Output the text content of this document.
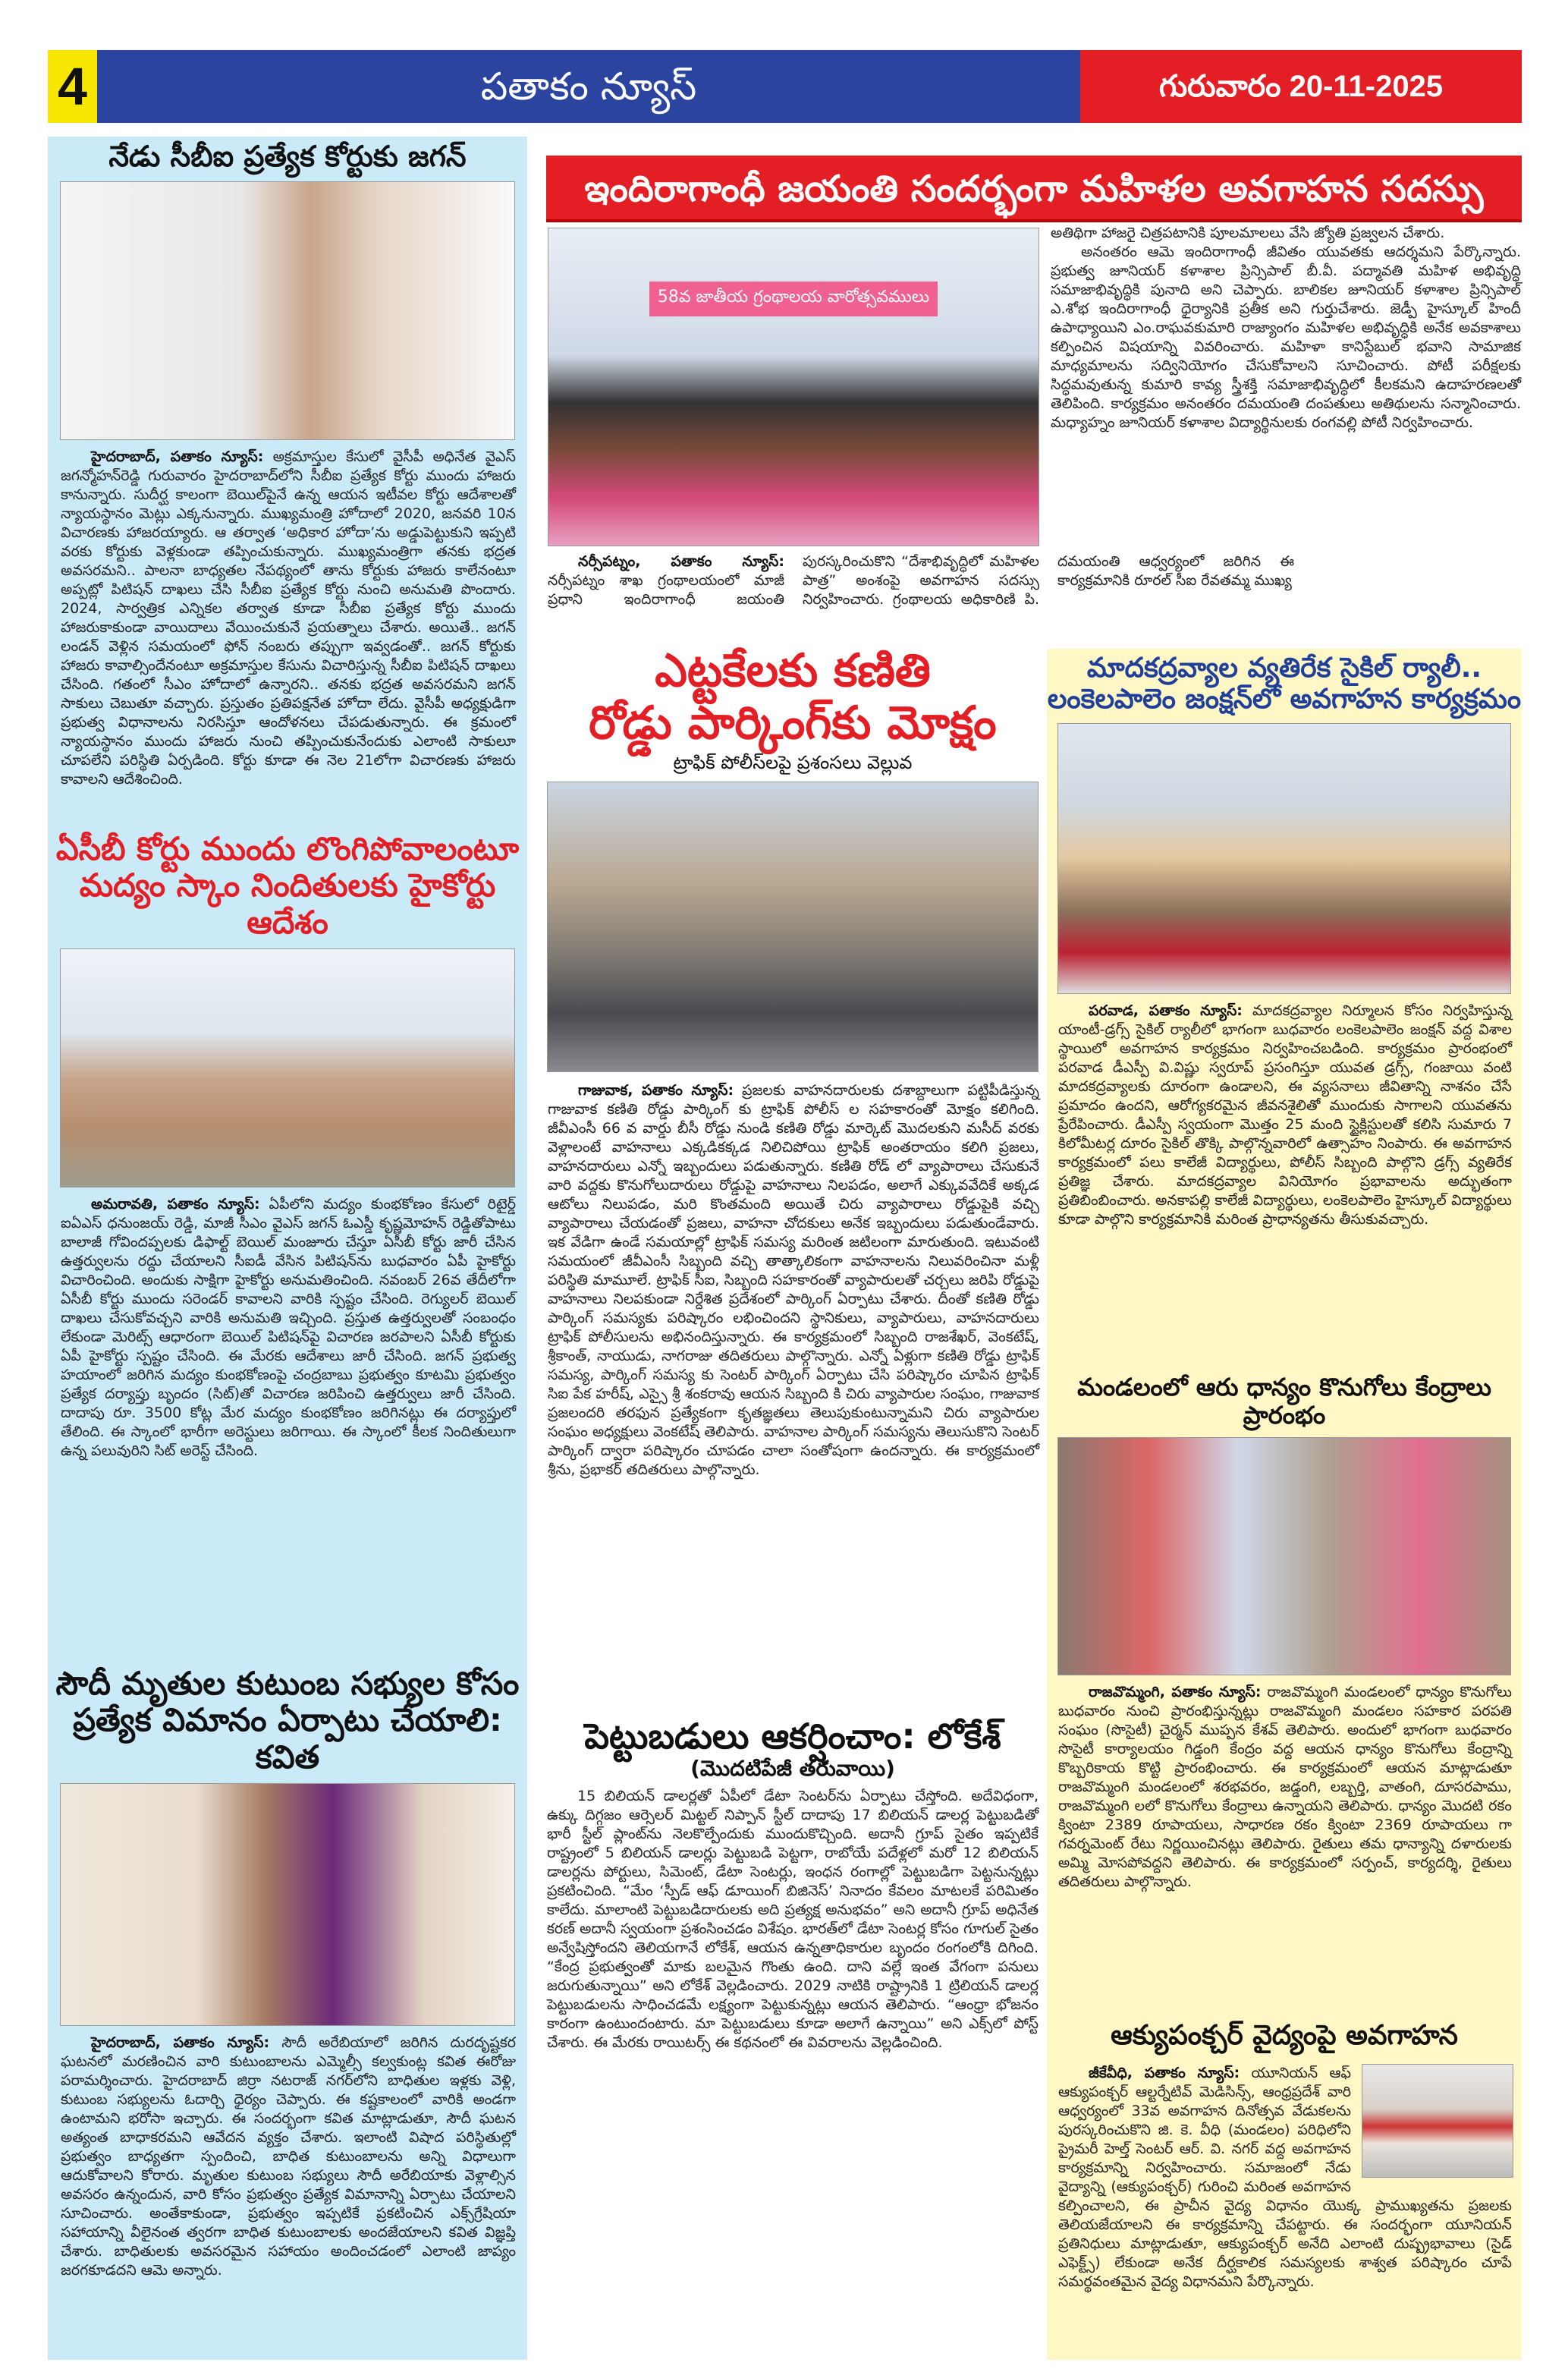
4	పతాకం న్యూస్	గురువారం 20-11-2025
నేడు సీబీఐ ప్రత్యేక కోర్టుకు జగన్

హైదరాబాద్, పతాకం న్యూస్: అక్రమాస్తుల కేసులో వైసీపీ అధినేత వైఎస్ జగన్మోహన్‌రెడ్డి గురువారం హైదరాబాద్‌లోని సీబీఐ ప్రత్యేక కోర్టు ముందు హాజరు కానున్నారు. సుదీర్ఘ కాలంగా బెయిల్‌పైనే ఉన్న ఆయన ఇటీవల కోర్టు ఆదేశాలతో న్యాయస్థానం మెట్లు ఎక్కనున్నారు. ముఖ్యమంత్రి హోదాలో 2020, జనవరి 10న విచారణకు హాజరయ్యారు. ఆ తర్వాత ‘అధికార హోదా’ను అడ్డుపెట్టుకుని ఇప్పటి వరకు కోర్టుకు వెళ్లకుండా తప్పించుకున్నారు. ముఖ్యమంత్రిగా తనకు భద్రత అవసరమని.. పాలనా బాధ్యతల నేపథ్యంలో తాను కోర్టుకు హాజరు కాలేనంటూ అప్పట్లో పిటిషన్ దాఖలు చేసి సీబీఐ ప్రత్యేక కోర్టు నుంచి అనుమతి పొందారు. 2024, సార్వత్రిక ఎన్నికల తర్వాత కూడా సీబీఐ ప్రత్యేక కోర్టు ముందు హాజరుకాకుండా వాయిదాలు వేయించుకునే ప్రయత్నాలు చేశారు. అయితే.. జగన్ లండన్ వెళ్లిన సమయంలో ఫోన్ నంబరు తప్పుగా ఇవ్వడంతో.. జగన్ కోర్టుకు హాజరు కావాల్సిందేనంటూ అక్రమాస్తుల కేసును విచారిస్తున్న సీబీఐ పిటిషన్ దాఖలు చేసింది. గతంలో సీఎం హోదాలో ఉన్నారని.. తనకు భద్రత అవసరమని జగన్ సాకులు చెబుతూ వచ్చారు. ప్రస్తుతం ప్రతిపక్షనేత హోదా లేదు. వైసీపీ అధ్యక్షుడిగా ప్రభుత్వ విధానాలను నిరసిస్తూ ఆందోళనలు చేపడుతున్నారు. ఈ క్రమంలో న్యాయస్థానం ముందు హాజరు నుంచి తప్పించుకునేందుకు ఎలాంటి సాకులూ చూపలేని పరిస్థితి ఏర్పడింది. కోర్టు కూడా ఈ నెల 21లోగా విచారణకు హాజరు కావాలని ఆదేశించింది.

ఏసీబీ కోర్టు ముందు లొంగిపోవాలంటూ మద్యం స్కాం నిందితులకు హైకోర్టు ఆదేశం

అమరావతి, పతాకం న్యూస్: ఏపీలోని మద్యం కుంభకోణం కేసులో రిటైర్డ్ ఐఏఎస్ ధనుంజయ్ రెడ్డి, మాజీ సీఎం వైఎస్ జగన్ ఓఎస్డీ కృష్ణమోహన్ రెడ్డితోపాటు బాలాజీ గోవిందప్పలకు డిఫాల్ట్ బెయిల్ మంజూరు చేస్తూ ఏసీబీ కోర్టు జారీ చేసిన ఉత్తర్వులను రద్దు చేయాలని సీఐడీ వేసిన పిటిషన్‌ను బుధవారం ఏపీ హైకోర్టు విచారించింది. అందుకు సాక్షిగా హైకోర్టు అనుమతించింది. నవంబర్ 26వ తేదీలోగా ఏసీబీ కోర్టు ముందు సరెండర్ కావాలని వారికి స్పష్టం చేసింది. రెగ్యులర్ బెయిల్ దాఖలు చేసుకోవచ్చని వారికి అనుమతి ఇచ్చింది. ప్రస్తుత ఉత్తర్వులతో సంబంధం లేకుండా మెరిట్స్ ఆధారంగా బెయిల్ పిటిషన్‌పై విచారణ జరపాలని ఏసీబీ కోర్టుకు ఏపీ హైకోర్టు స్పష్టం చేసింది. ఈ మేరకు ఆదేశాలు జారీ చేసింది. జగన్ ప్రభుత్వ హయాంలో జరిగిన మద్యం కుంభకోణంపై చంద్రబాబు ప్రభుత్వం కూటమి ప్రభుత్వం ప్రత్యేక దర్యాప్తు బృందం (సిట్)తో విచారణ జరిపించి ఉత్తర్వులు జారీ చేసింది. దాదాపు రూ. 3500 కోట్ల మేర మద్యం కుంభకోణం జరిగినట్లు ఈ దర్యాప్తులో తేలింది. ఈ స్కాంలో భారీగా అరెస్టులు జరిగాయి. ఈ స్కాంలో కీలక నిందితులుగా ఉన్న పలువురిని సిట్ అరెస్ట్ చేసింది.

సౌదీ మృతుల కుటుంబ సభ్యుల కోసం ప్రత్యేక విమానం ఏర్పాటు చేయాలి: కవిత

హైదరాబాద్, పతాకం న్యూస్: సౌదీ అరేబియాలో జరిగిన దురదృష్టకర ఘటనలో మరణించిన వారి కుటుంబాలను ఎమ్మెల్సీ కల్వకుంట్ల కవిత ఈరోజు పరామర్శించారు. హైదరాబాద్ జిర్రా నటరాజ్ నగర్‌లోని బాధితుల ఇళ్లకు వెళ్లి, కుటుంబ సభ్యులను ఓదార్చి ధైర్యం చెప్పారు. ఈ కష్టకాలంలో వారికి అండగా ఉంటామని భరోసా ఇచ్చారు. ఈ సందర్భంగా కవిత మాట్లాడుతూ, సౌదీ ఘటన అత్యంత బాధాకరమని ఆవేదన వ్యక్తం చేశారు. ఇలాంటి విషాద పరిస్థితుల్లో ప్రభుత్వం బాధ్యతగా స్పందించి, బాధిత కుటుంబాలను అన్ని విధాలుగా ఆదుకోవాలని కోరారు. మృతుల కుటుంబ సభ్యులు సౌదీ అరేబియాకు వెళ్లాల్సిన అవసరం ఉన్నందున, వారి కోసం ప్రభుత్వం ప్రత్యేక విమానాన్ని ఏర్పాటు చేయాలని సూచించారు. అంతేకాకుండా, ప్రభుత్వం ఇప్పటికే ప్రకటించిన ఎక్స్‌గ్రేషియా సహాయాన్ని వీలైనంత త్వరగా బాధిత కుటుంబాలకు అందజేయాలని కవిత విజ్ఞప్తి చేశారు. బాధితులకు అవసరమైన సహాయం అందించడంలో ఎలాంటి జాప్యం జరగకూడదని ఆమె అన్నారు.

ఇందిరాగాంధీ జయంతి సందర్భంగా మహిళల అవగాహన సదస్సు
58వ జాతీయ గ్రంథాలయ వారోత్సవములు

నర్సీపట్నం, పతాకం న్యూస్: నర్సీపట్నం శాఖ గ్రంథాలయంలో మాజీ ప్రధాని ఇందిరాగాంధీ జయంతి పురస్కరించుకొని “దేశాభివృద్ధిలో మహిళల పాత్ర” అంశంపై అవగాహన సదస్సు నిర్వహించారు. గ్రంథాలయ అధికారిణి పి. దమయంతి ఆధ్వర్యంలో జరిగిన ఈ కార్యక్రమానికి రూరల్ సీఐ రేవతమ్మ ముఖ్య

అతిథిగా హాజరై చిత్రపటానికి పూలమాలలు వేసి జ్యోతి ప్రజ్వలన చేశారు.

అనంతరం ఆమె ఇందిరాగాంధీ జీవితం యువతకు ఆదర్శమని పేర్కొన్నారు. ప్రభుత్వ జూనియర్ కళాశాల ప్రిన్సిపాల్ బీ.వీ. పద్మావతి మహిళ అభివృద్ధి సమాజాభివృద్ధికి పునాది అని చెప్పారు. బాలికల జూనియర్ కళాశాల ప్రిన్సిపాల్ ఎ.శోభ ఇందిరాగాంధీ ధైర్యానికి ప్రతీక అని గుర్తుచేశారు. జెడ్పీ హైస్కూల్ హిందీ ఉపాధ్యాయిని ఎం.రాఘవకుమారి రాజ్యాంగం మహిళల అభివృద్ధికి అనేక అవకాశాలు కల్పించిన విషయాన్ని వివరించారు. మహిళా కానిస్టేబుల్ భవాని సామాజిక మాధ్యమాలను సద్వినియోగం చేసుకోవాలని సూచించారు. పోటీ పరీక్షలకు సిద్ధమవుతున్న కుమారి కావ్య స్త్రీశక్తి సమాజాభివృద్ధిలో కీలకమని ఉదాహరణలతో తెలిపింది. కార్యక్రమం అనంతరం దమయంతి దంపతులు అతిథులను సన్మానించారు. మధ్యాహ్నం జూనియర్ కళాశాల విద్యార్థినులకు రంగవల్లి పోటీ నిర్వహించారు.

ఎట్టకేలకు కణితి
రోడ్డు పార్కింగ్‌కు మోక్షం
ట్రాఫిక్ పోలీస్‌లపై ప్రశంసలు వెల్లువ

గాజువాక, పతాకం న్యూస్: ప్రజలకు వాహనదారులకు దశాబ్దాలుగా పట్టిపీడిస్తున్న గాజువాక కణితి రోడ్డు పార్కింగ్ కు ట్రాఫిక్ పోలీస్ ల సహకారంతో మోక్షం కలిగింది. జీవీఎంసీ 66 వ వార్డు బీసీ రోడ్డు నుండి కణితి రోడ్డు మార్కెట్ మొదలకుని మసీద్ వరకు వెళ్లాలంటే వాహనాలు ఎక్కడికక్కడ నిలిచిపోయి ట్రాఫిక్ అంతరాయం కలిగి ప్రజలు, వాహనదారులు ఎన్నో ఇబ్బందులు పడుతున్నారు. కణితి రోడ్ లో వ్యాపారాలు చేసుకునే వారి వద్దకు కొనుగోలుదారులు రోడ్డుపై వాహనాలు నిలపడం, అలాగే ఎక్కువవేదికే అక్కడ ఆటోలు నిలుపడం, మరి కొంతమంది అయితే చిరు వ్యాపారాలు రోడ్డుపైకి వచ్చి వ్యాపారాలు చేయడంతో ప్రజలు, వాహనా చోదకులు అనేక ఇబ్బందులు పడుతుండేవారు. ఇక వేడిగా ఉండే సమయాల్లో ట్రాఫిక్ సమస్య మరింత జటిలంగా మారుతుంది. ఇటువంటి సమయంలో జీవీఎంసీ సిబ్బంది వచ్చి తాత్కాలికంగా వాహనాలను నిలువరించినా మళ్లీ పరిస్థితి మామూలే. ట్రాఫిక్ సీఐ, సిబ్బంది సహకారంతో వ్యాపారులతో చర్చలు జరిపి రోడ్డుపై వాహనాలు నిలపకుండా నిర్దేశిత ప్రదేశంలో పార్కింగ్ ఏర్పాటు చేశారు. దీంతో కణితి రోడ్డు పార్కింగ్ సమస్యకు పరిష్కారం లభించిందని స్థానికులు, వ్యాపారులు, వాహనదారులు ట్రాఫిక్ పోలీసులను అభినందిస్తున్నారు. ఈ కార్యక్రమంలో సిబ్బంది రాజశేఖర్, వెంకటేష్, శ్రీకాంత్, నాయుడు, నాగరాజు తదితరులు పాల్గొన్నారు. ఎన్నో ఏళ్లుగా కణితి రోడ్డు ట్రాఫిక్ సమస్య, పార్కింగ్ సమస్య కు సెంటర్ పార్కింగ్ ఏర్పాటు చేసి పరిష్కారం చూపిన ట్రాఫిక్ సిఐ పేక హరీష్, ఎస్సై శ్రీ శంకరావు ఆయన సిబ్బంది కి చిరు వ్యాపారుల సంఘం, గాజువాక ప్రజలందరి తరఫున ప్రత్యేకంగా కృతజ్ఞతలు తెలుపుకుంటున్నామని చిరు వ్యాపారుల సంఘం అధ్యక్షులు వెంకటేష్ తెలిపారు. వాహనాల పార్కింగ్ సమస్యను తెలుసుకొని సెంటర్ పార్కింగ్ ద్వారా పరిష్కారం చూపడం చాలా సంతోషంగా ఉందన్నారు. ఈ కార్యక్రమంలో శ్రీను, ప్రభాకర్ తదితరులు పాల్గొన్నారు.

పెట్టుబడులు ఆకర్షించాం: లోకేశ్
(మొదటిపేజీ తరువాయి)

15 బిలియన్ డాలర్లతో ఏపీలో డేటా సెంటర్‌ను ఏర్పాటు చేస్తోంది. అదేవిధంగా, ఉక్కు దిగ్గజం ఆర్సెలర్ మిట్టల్ నిప్పాన్ స్టీల్ దాదాపు 17 బిలియన్ డాలర్ల పెట్టుబడితో భారీ స్టీల్ ప్లాంట్‌ను నెలకొల్పేందుకు ముందుకొచ్చింది. అదానీ గ్రూప్ సైతం ఇప్పటికే రాష్ట్రంలో 5 బిలియన్ డాలర్లు పెట్టుబడి పెట్టగా, రాబోయే పదేళ్లలో మరో 12 బిలియన్ డాలర్లను పోర్టులు, సిమెంట్, డేటా సెంటర్లు, ఇంధన రంగాల్లో పెట్టుబడిగా పెట్టనున్నట్లు ప్రకటించింది. “మేం ‘స్పీడ్ ఆఫ్ డూయింగ్ బిజినెస్’ నినాదం కేవలం మాటలకే పరిమితం కాలేదు. మాలాంటి పెట్టుబడిదారులకు అది ప్రత్యక్ష అనుభవం” అని అదానీ గ్రూప్ అధినేత కరణ్ అదానీ స్వయంగా ప్రశంసించడం విశేషం. భారత్‌లో డేటా సెంటర్ల కోసం గూగుల్ సైతం అన్వేషిస్తోందని తెలియగానే లోకేశ్, ఆయన ఉన్నతాధికారుల బృందం రంగంలోకి దిగింది. “కేంద్ర ప్రభుత్వంతో మాకు బలమైన గొంతు ఉంది. దాని వల్లే ఇంత వేగంగా పనులు జరుగుతున్నాయి” అని లోకేశ్ వెల్లడించారు. 2029 నాటికి రాష్ట్రానికి 1 ట్రిలియన్ డాలర్ల పెట్టుబడులను సాధించడమే లక్ష్యంగా పెట్టుకున్నట్లు ఆయన తెలిపారు. “ఆంధ్రా భోజనం కారంగా ఉంటుందంటారు. మా పెట్టుబడులు కూడా అలాగే ఉన్నాయి” అని ఎక్స్‌లో పోస్ట్ చేశారు. ఈ మేరకు రాయిటర్స్ ఈ కథనంలో ఈ వివరాలను వెల్లడించింది.

మాదకద్రవ్యాల వ్యతిరేక సైకిల్ ర్యాలీ..
లంకెలపాలెం జంక్షన్‌లో అవగాహన కార్యక్రమం

పరవాడ, పతాకం న్యూస్: మాదకద్రవ్యాల నిర్మూలన కోసం నిర్వహిస్తున్న యాంటీ-డ్రగ్స్ సైకిల్ ర్యాలీలో భాగంగా బుధవారం లంకెలపాలెం జంక్షన్ వద్ద విశాల స్థాయిలో అవగాహన కార్యక్రమం నిర్వహించబడింది. కార్యక్రమం ప్రారంభంలో పరవాడ డీఎస్పీ వి.విష్ణు స్వరూప్ ప్రసంగిస్తూ యువత డ్రగ్స్, గంజాయి వంటి మాదకద్రవ్యాలకు దూరంగా ఉండాలని, ఈ వ్యసనాలు జీవితాన్ని నాశనం చేసే ప్రమాదం ఉందని, ఆరోగ్యకరమైన జీవనశైలితో ముందుకు సాగాలని యువతను ప్రేరేపించారు. డీఎస్పీ స్వయంగా మొత్తం 25 మంది స్టైక్లిస్టులతో కలిసి సుమారు 7 కిలోమీటర్ల దూరం సైకిల్ తొక్కి పాల్గొన్నవారిలో ఉత్సాహం నింపారు. ఈ అవగాహన కార్యక్రమంలో పలు కాలేజీ విద్యార్థులు, పోలీస్ సిబ్బంది పాల్గొని డ్రగ్స్ వ్యతిరేక ప్రతిజ్ఞ చేశారు. మాదకద్రవ్యాల వినియోగం ప్రభావాలను అద్భుతంగా ప్రతిబింబించారు. అనకాపల్లి కాలేజీ విద్యార్థులు, లంకెలపాలెం హైస్కూల్ విద్యార్థులు కూడా పాల్గొని కార్యక్రమానికి మరింత ప్రాధాన్యతను తీసుకువచ్చారు.

మండలంలో ఆరు ధాన్యం కొనుగోలు కేంద్రాలు ప్రారంభం

రాజవొమ్మంగి, పతాకం న్యూస్: రాజవొమ్మంగి మండలంలో ధాన్యం కొనుగోలు బుధవారం నుంచి ప్రారంభిస్తున్నట్లు రాజవొమ్మంగి మండలం సహకార పరపతి సంఘం (సొసైటీ) చైర్మన్ ముప్పన కేశవ్ తెలిపారు. అందులో భాగంగా బుధవారం సొసైటీ కార్యాలయం గిడ్డంగి కేంద్రం వద్ద ఆయన ధాన్యం కొనుగోలు కేంద్రాన్ని కొబ్బరికాయ కొట్టి ప్రారంభించారు. ఈ కార్యక్రమంలో ఆయన మాట్లాడుతూ రాజవొమ్మంగి మండలంలో శరభవరం, జడ్డంగి, లబ్బర్తి, వాతంగి, దూసరపాము, రాజవొమ్మంగి లలో కొనుగోలు కేంద్రాలు ఉన్నాయని తెలిపారు. ధాన్యం మొదటి రకం క్వింటా 2389 రూపాయలు, సాధారణ రకం క్వింటా 2369 రూపాయలు గా గవర్నమెంట్ రేటు నిర్ణయించినట్లు తెలిపారు. రైతులు తమ ధాన్యాన్ని దళారులకు అమ్మి మోసపోవద్దని తెలిపారు. ఈ కార్యక్రమంలో సర్పంచ్, కార్యదర్శి, రైతులు తదితరులు పాల్గొన్నారు.

ఆక్యుపంక్చర్ వైద్యంపై అవగాహన

జీకేవీధి, పతాకం న్యూస్: యూనియన్ ఆఫ్ ఆక్యుపంక్చర్ ఆల్టర్నేటివ్ మెడిసిన్స్, ఆంధ్రప్రదేశ్ వారి ఆధ్వర్యంలో 33వ అవగాహన దినోత్సవ వేడుకలను పురస్కరించుకొని జి. కె. వీధి (మండలం) పరిధిలోని ప్రైమరీ హెల్త్ సెంటర్ ఆర్. వి. నగర్ వద్ద అవగాహన కార్యక్రమాన్ని నిర్వహించారు. సమాజంలో నేడు వైద్యాన్ని (ఆక్యుపంక్చర్) గురించి మరింత అవగాహన కల్పించాలని, ఈ ప్రాచీన వైద్య విధానం యొక్క ప్రాముఖ్యతను ప్రజలకు తెలియజేయాలని ఈ కార్యక్రమాన్ని చేపట్టారు. ఈ సందర్భంగా యూనియన్ ప్రతినిధులు మాట్లాడుతూ, ఆక్యుపంక్చర్ అనేది ఎలాంటి దుష్ప్రభావాలు (సైడ్ ఎఫెక్ట్స్) లేకుండా అనేక దీర్ఘకాలిక సమస్యలకు శాశ్వత పరిష్కారం చూపే సమర్థవంతమైన వైద్య విధానమని పేర్కొన్నారు.
